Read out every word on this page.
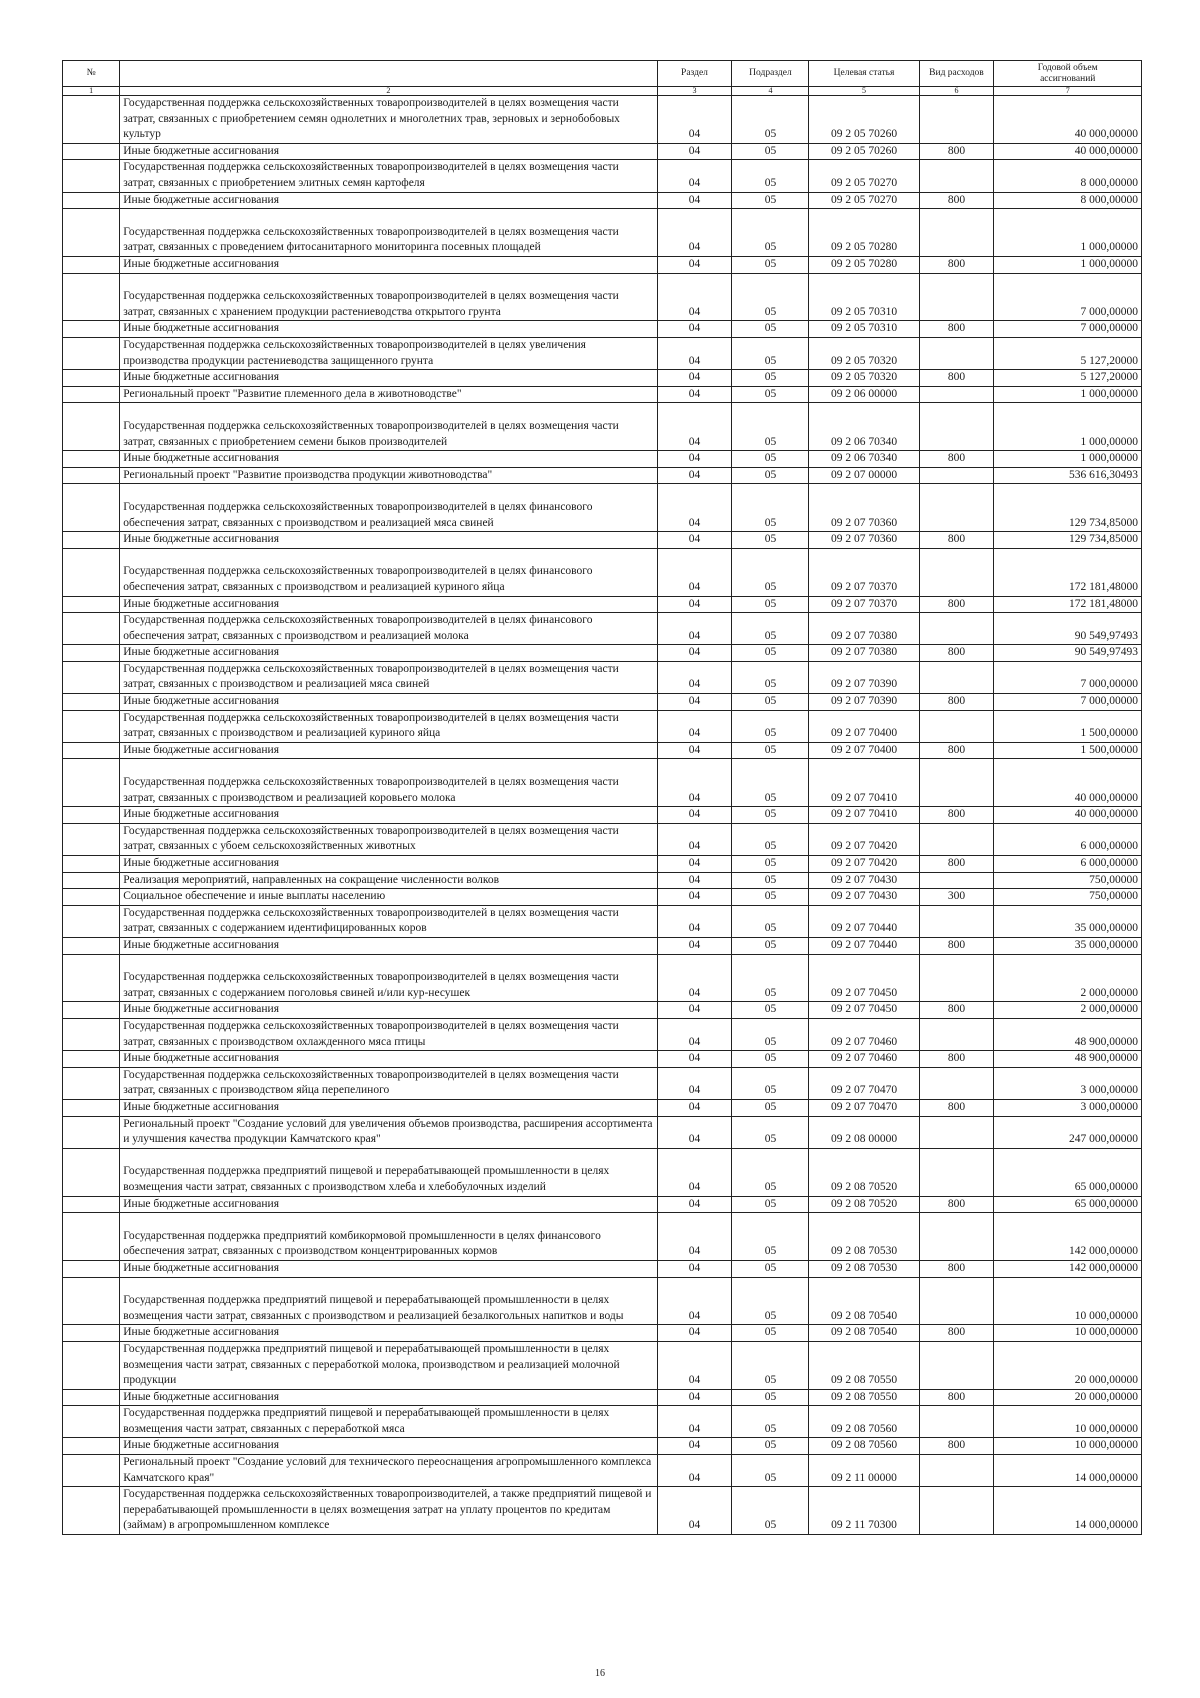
№		Раздел	Подраздел	Целевая статья	Вид расходов	Годовой объем
ассигнований

1	2	3	4	5	6	7
	Государственная поддержка сельскохозяйственных товаропроизводителей в целях возмещения части затрат, связанных с приобретением семян однолетних и многолетних трав, зерновых и зернобобовых культур	04	05	09 2 05 70260		40 000,00000
	Иные бюджетные ассигнования	04	05	09 2 05 70260	800	40 000,00000
	Государственная поддержка сельскохозяйственных товаропроизводителей в целях возмещения части затрат, связанных с приобретением элитных семян картофеля	04	05	09 2 05 70270		8 000,00000
	Иные бюджетные ассигнования	04	05	09 2 05 70270	800	8 000,00000
	Государственная поддержка сельскохозяйственных товаропроизводителей в целях возмещения части затрат, связанных с проведением фитосанитарного мониторинга посевных площадей	04	05	09 2 05 70280		1 000,00000
	Иные бюджетные ассигнования	04	05	09 2 05 70280	800	1 000,00000
	Государственная поддержка сельскохозяйственных товаропроизводителей в целях возмещения части затрат, связанных с хранением продукции растениеводства открытого грунта	04	05	09 2 05 70310		7 000,00000
	Иные бюджетные ассигнования	04	05	09 2 05 70310	800	7 000,00000
	Государственная поддержка сельскохозяйственных товаропроизводителей в целях увеличения производства продукции растениеводства защищенного грунта	04	05	09 2 05 70320		5 127,20000
	Иные бюджетные ассигнования	04	05	09 2 05 70320	800	5 127,20000
	Региональный проект "Развитие племенного дела в животноводстве"	04	05	09 2 06 00000		1 000,00000
	Государственная поддержка сельскохозяйственных товаропроизводителей в целях возмещения части затрат, связанных с приобретением семени быков производителей	04	05	09 2 06 70340		1 000,00000
	Иные бюджетные ассигнования	04	05	09 2 06 70340	800	1 000,00000
	Региональный проект "Развитие производства продукции животноводства"	04	05	09 2 07 00000		536 616,30493
	Государственная поддержка сельскохозяйственных товаропроизводителей в целях финансового обеспечения затрат, связанных с производством и реализацией мяса свиней	04	05	09 2 07 70360		129 734,85000
	Иные бюджетные ассигнования	04	05	09 2 07 70360	800	129 734,85000
	Государственная поддержка сельскохозяйственных товаропроизводителей в целях финансового обеспечения затрат, связанных с производством и реализацией куриного яйца	04	05	09 2 07 70370		172 181,48000
	Иные бюджетные ассигнования	04	05	09 2 07 70370	800	172 181,48000
	Государственная поддержка сельскохозяйственных товаропроизводителей в целях финансового обеспечения затрат, связанных с производством и реализацией молока	04	05	09 2 07 70380		90 549,97493
	Иные бюджетные ассигнования	04	05	09 2 07 70380	800	90 549,97493
	Государственная поддержка сельскохозяйственных товаропроизводителей в целях возмещения части затрат, связанных с производством и реализацией мяса свиней	04	05	09 2 07 70390		7 000,00000
	Иные бюджетные ассигнования	04	05	09 2 07 70390	800	7 000,00000
	Государственная поддержка сельскохозяйственных товаропроизводителей в целях возмещения части затрат, связанных с производством и реализацией куриного яйца	04	05	09 2 07 70400		1 500,00000
	Иные бюджетные ассигнования	04	05	09 2 07 70400	800	1 500,00000
	Государственная поддержка сельскохозяйственных товаропроизводителей в целях возмещения части затрат, связанных с производством и реализацией коровьего молока	04	05	09 2 07 70410		40 000,00000
	Иные бюджетные ассигнования	04	05	09 2 07 70410	800	40 000,00000
	Государственная поддержка сельскохозяйственных товаропроизводителей в целях возмещения части затрат, связанных с убоем сельскохозяйственных животных	04	05	09 2 07 70420		6 000,00000
	Иные бюджетные ассигнования	04	05	09 2 07 70420	800	6 000,00000
	Реализация мероприятий, направленных на сокращение численности волков	04	05	09 2 07 70430		750,00000
	Социальное обеспечение и иные выплаты населению	04	05	09 2 07 70430	300	750,00000
	Государственная поддержка сельскохозяйственных товаропроизводителей в целях возмещения части затрат, связанных с содержанием идентифицированных коров	04	05	09 2 07 70440		35 000,00000
	Иные бюджетные ассигнования	04	05	09 2 07 70440	800	35 000,00000
	Государственная поддержка сельскохозяйственных товаропроизводителей в целях возмещения части затрат, связанных с содержанием поголовья свиней и/или кур-несушек	04	05	09 2 07 70450		2 000,00000
	Иные бюджетные ассигнования	04	05	09 2 07 70450	800	2 000,00000
	Государственная поддержка сельскохозяйственных товаропроизводителей в целях возмещения части затрат, связанных с производством охлажденного мяса птицы	04	05	09 2 07 70460		48 900,00000
	Иные бюджетные ассигнования	04	05	09 2 07 70460	800	48 900,00000
	Государственная поддержка сельскохозяйственных товаропроизводителей в целях возмещения части затрат, связанных с производством яйца перепелиного	04	05	09 2 07 70470		3 000,00000
	Иные бюджетные ассигнования	04	05	09 2 07 70470	800	3 000,00000
	Региональный проект "Создание условий для увеличения объемов производства, расширения ассортимента и улучшения качества продукции Камчатского края"	04	05	09 2 08 00000		247 000,00000
	Государственная поддержка предприятий пищевой и перерабатывающей промышленности в целях возмещения части затрат, связанных с производством хлеба и хлебобулочных изделий	04	05	09 2 08 70520		65 000,00000
	Иные бюджетные ассигнования	04	05	09 2 08 70520	800	65 000,00000
	Государственная поддержка предприятий комбикормовой промышленности в целях финансового обеспечения затрат, связанных с производством концентрированных кормов	04	05	09 2 08 70530		142 000,00000
	Иные бюджетные ассигнования	04	05	09 2 08 70530	800	142 000,00000
	Государственная поддержка предприятий пищевой и перерабатывающей промышленности в целях возмещения части затрат, связанных с производством и реализацией безалкогольных напитков и воды	04	05	09 2 08 70540		10 000,00000
	Иные бюджетные ассигнования	04	05	09 2 08 70540	800	10 000,00000
	Государственная поддержка предприятий пищевой и перерабатывающей промышленности в целях возмещения части затрат, связанных с переработкой молока, производством и реализацией молочной продукции	04	05	09 2 08 70550		20 000,00000
	Иные бюджетные ассигнования	04	05	09 2 08 70550	800	20 000,00000
	Государственная поддержка предприятий пищевой и перерабатывающей промышленности в целях возмещения части затрат, связанных с переработкой мяса	04	05	09 2 08 70560		10 000,00000
	Иные бюджетные ассигнования	04	05	09 2 08 70560	800	10 000,00000
	Региональный проект "Создание условий для технического переоснащения агропромышленного комплекса Камчатского края"	04	05	09 2 11 00000		14 000,00000
	Государственная поддержка сельскохозяйственных товаропроизводителей, а также предприятий пищевой и перерабатывающей промышленности в целях возмещения затрат на уплату процентов по кредитам (займам) в агропромышленном комплексе	04	05	09 2 11 70300		14 000,00000
16
